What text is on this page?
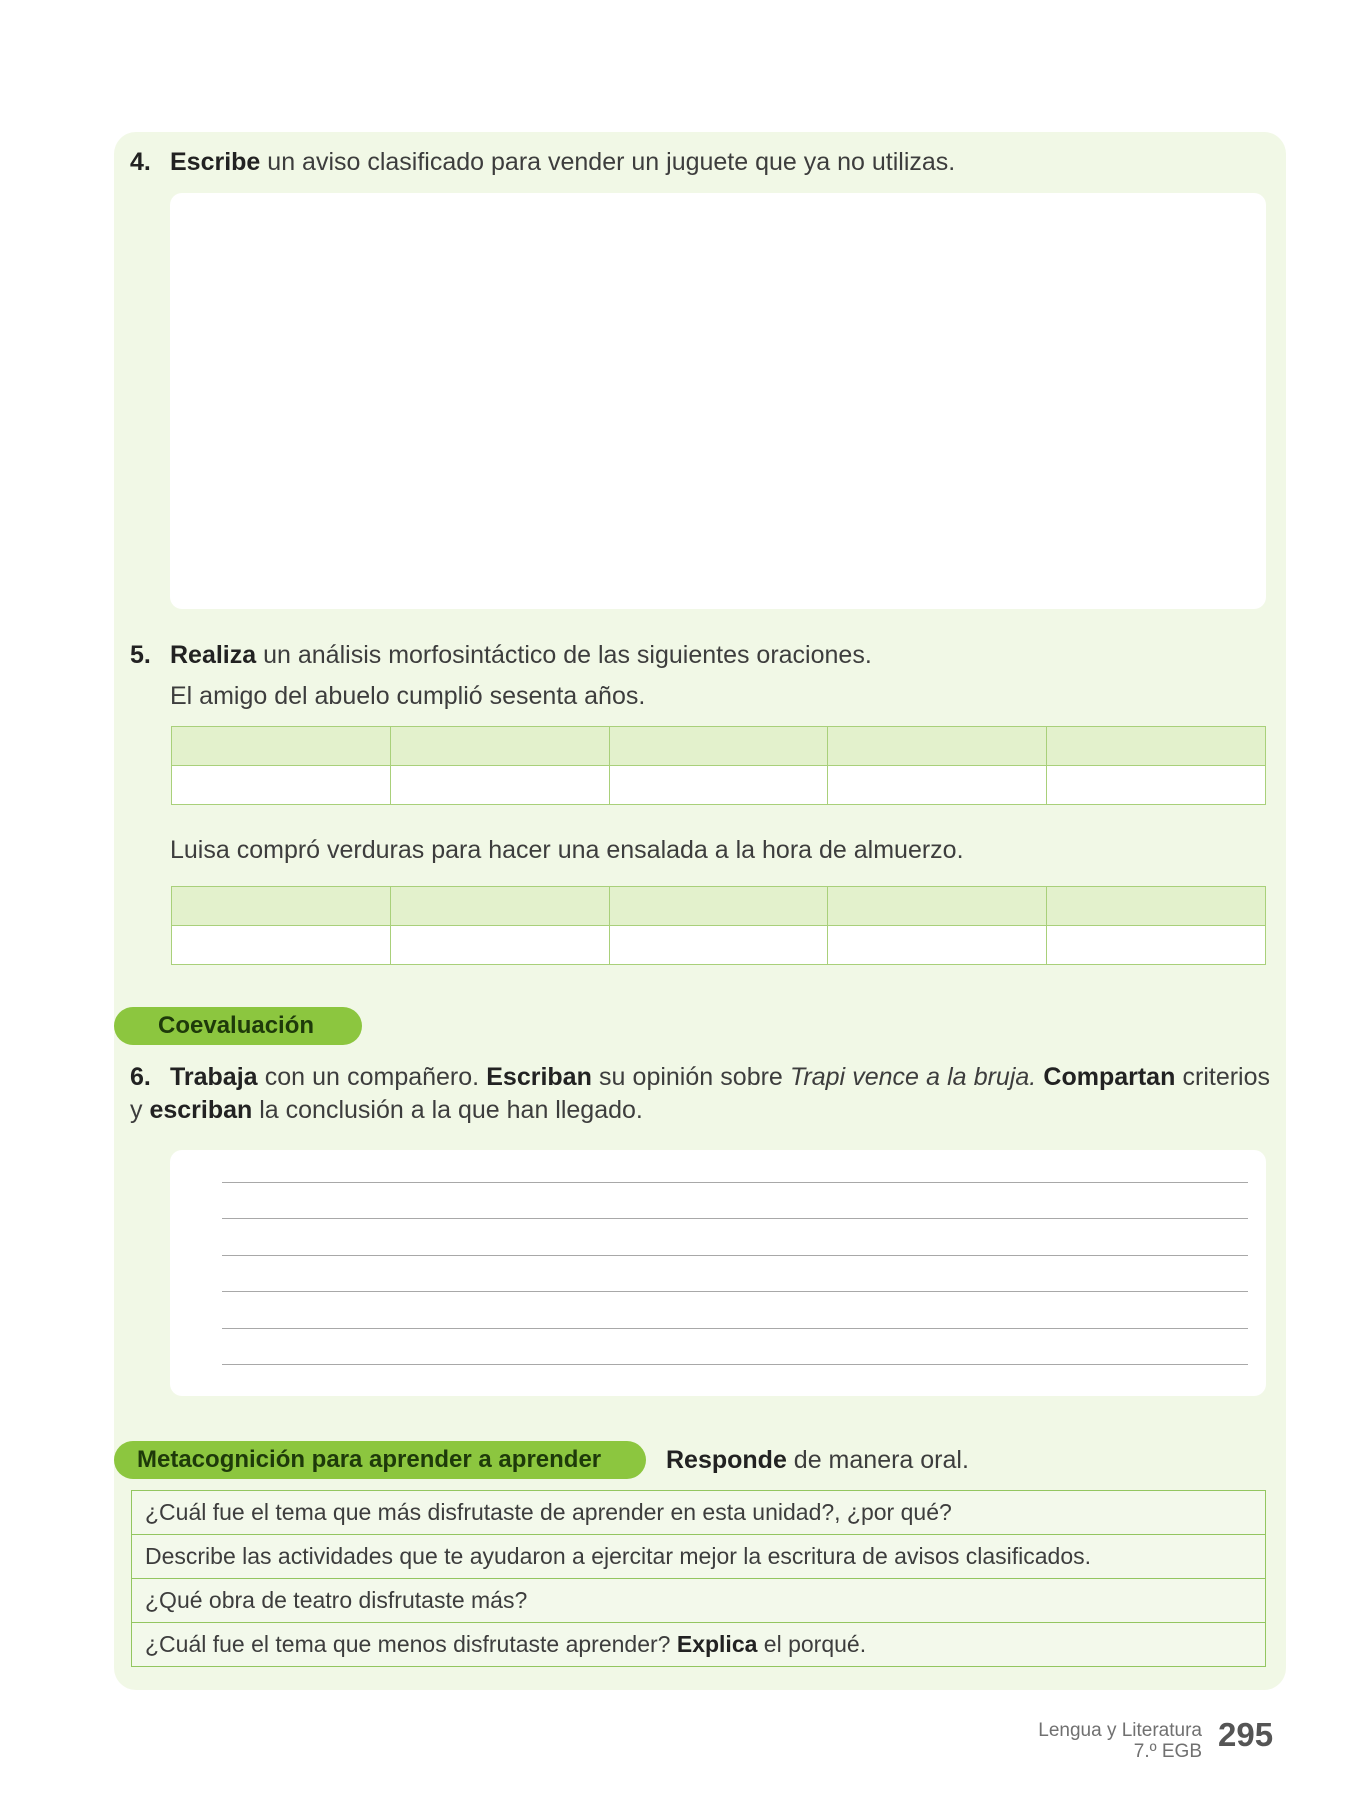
4. Escribe un aviso clasificado para vender un juguete que ya no utilizas.
5. Realiza un análisis morfosintáctico de las siguientes oraciones.
El amigo del abuelo cumplió sesenta años.

Luisa compró verduras para hacer una ensalada a la hora de almuerzo.

Coevaluación
6. Trabaja con un compañero. Escriban su opinión sobre Trapi vence a la bruja. Compartan criterios y escriban la conclusión a la que han llegado.
Metacognición para aprender a aprender	Responde de manera oral.
¿Cuál fue el tema que más disfrutaste de aprender en esta unidad?, ¿por qué?
Describe las actividades que te ayudaron a ejercitar mejor la escritura de avisos clasificados.
¿Qué obra de teatro disfrutaste más?
¿Cuál fue el tema que menos disfrutaste aprender? Explica el porqué.
Lengua y Literatura
7.º EGB 295
